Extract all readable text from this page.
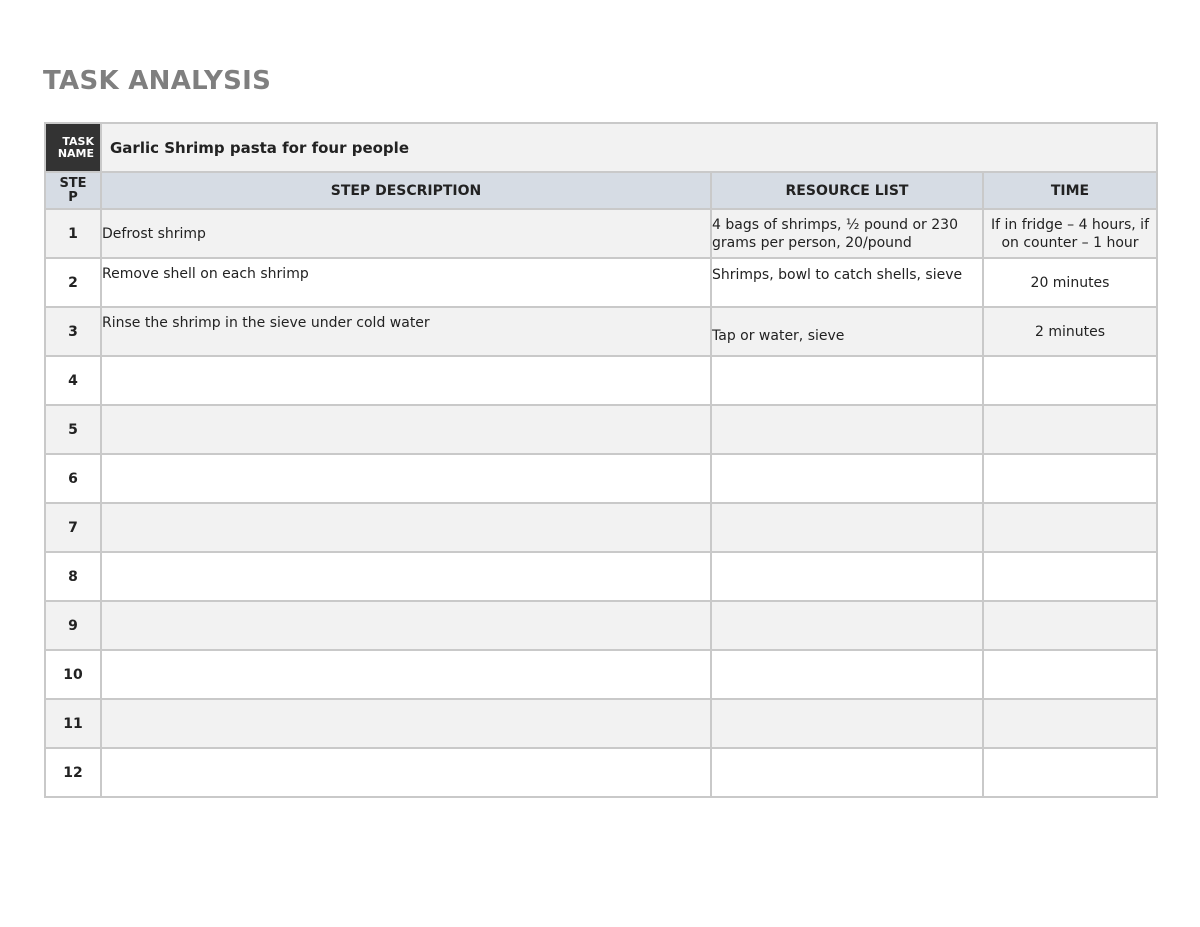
TASK ANALYSIS
TASK NAME	Garlic Shrimp pasta for four people		
STEP	STEP DESCRIPTION	RESOURCE LIST	TIME
1	Defrost shrimp	4 bags of shrimps, ½ pound or 230 grams per person, 20/pound	If in fridge – 4 hours, if on counter – 1 hour
2	Remove shell on each shrimp	Shrimps, bowl to catch shells, sieve	20 minutes
3	Rinse the shrimp in the sieve under cold water	Tap or water, sieve	2 minutes
4			
5			
6			
7			
8			
9			
10			
11			
12			
